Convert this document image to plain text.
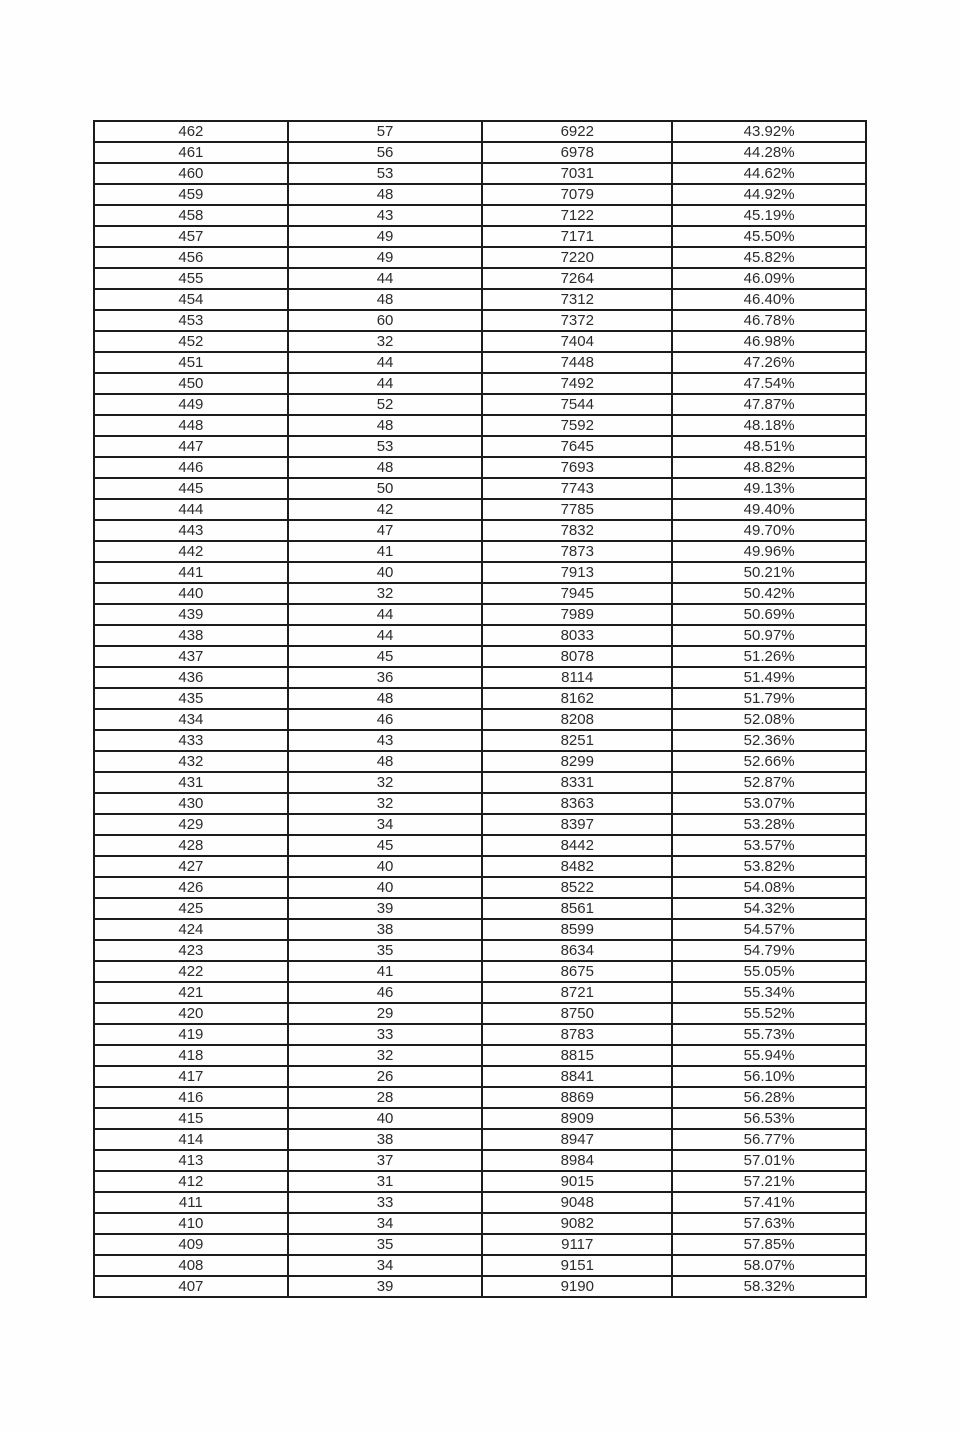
462	57	6922	43.92%
461	56	6978	44.28%
460	53	7031	44.62%
459	48	7079	44.92%
458	43	7122	45.19%
457	49	7171	45.50%
456	49	7220	45.82%
455	44	7264	46.09%
454	48	7312	46.40%
453	60	7372	46.78%
452	32	7404	46.98%
451	44	7448	47.26%
450	44	7492	47.54%
449	52	7544	47.87%
448	48	7592	48.18%
447	53	7645	48.51%
446	48	7693	48.82%
445	50	7743	49.13%
444	42	7785	49.40%
443	47	7832	49.70%
442	41	7873	49.96%
441	40	7913	50.21%
440	32	7945	50.42%
439	44	7989	50.69%
438	44	8033	50.97%
437	45	8078	51.26%
436	36	8114	51.49%
435	48	8162	51.79%
434	46	8208	52.08%
433	43	8251	52.36%
432	48	8299	52.66%
431	32	8331	52.87%
430	32	8363	53.07%
429	34	8397	53.28%
428	45	8442	53.57%
427	40	8482	53.82%
426	40	8522	54.08%
425	39	8561	54.32%
424	38	8599	54.57%
423	35	8634	54.79%
422	41	8675	55.05%
421	46	8721	55.34%
420	29	8750	55.52%
419	33	8783	55.73%
418	32	8815	55.94%
417	26	8841	56.10%
416	28	8869	56.28%
415	40	8909	56.53%
414	38	8947	56.77%
413	37	8984	57.01%
412	31	9015	57.21%
411	33	9048	57.41%
410	34	9082	57.63%
409	35	9117	57.85%
408	34	9151	58.07%
407	39	9190	58.32%
